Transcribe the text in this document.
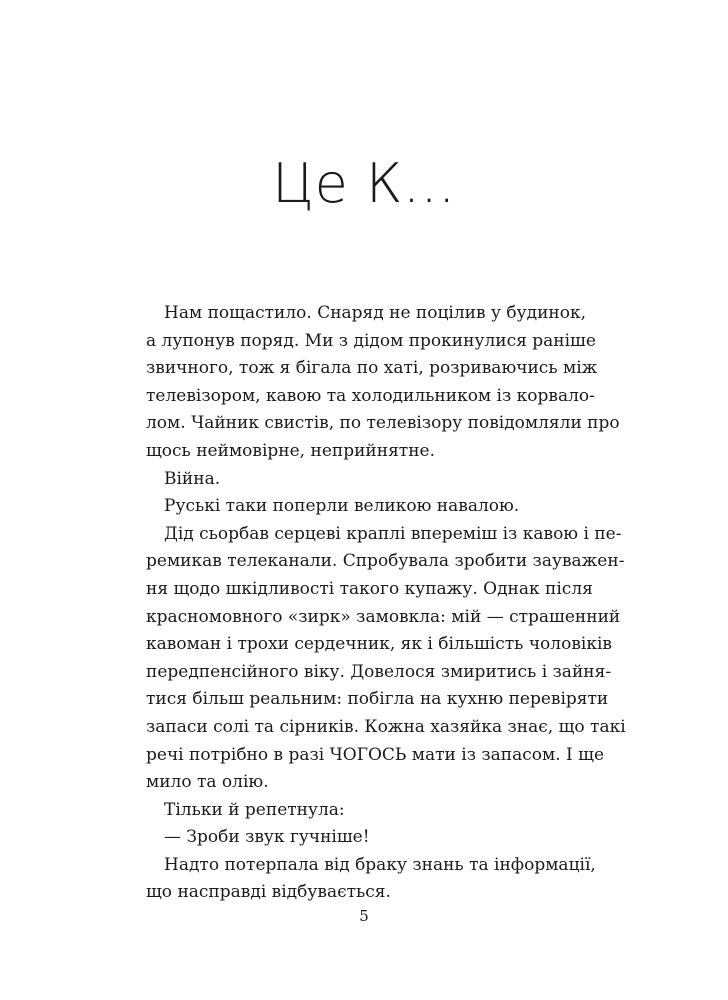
Це К...

Нам пощастило. Снаряд не поцілив у будинок,
а лупонув поряд. Ми з дідом прокинулися раніше
звичного, тож я бігала по хаті, розриваючись між
телевізором, кавою та холодильником із корвало-
лом. Чайник свистів, по телевізору повідомляли про
щось неймовірне, неприйнятне.

Війна.

Руські таки поперли великою навалою.

Дід сьорбав серцеві краплі впереміш із кавою і пе-
ремикав телеканали. Спробувала зробити зауважен-
ня щодо шкідливості такого купажу. Однак після
красномовного «зирк» замовкла: мій — страшенний
кавоман і трохи сердечник, як і більшість чоловіків
передпенсійного віку. Довелося змиритись і зайня-
тися більш реальним: побігла на кухню перевіряти
запаси солі та сірників. Кожна хазяйка знає, що такі
речі потрібно в разі ЧОГОСЬ мати із запасом. І ще
мило та олію.

Тільки й репетнула:

— Зроби звук гучніше!

Надто потерпала від браку знань та інформації,
що насправді відбувається.

5
